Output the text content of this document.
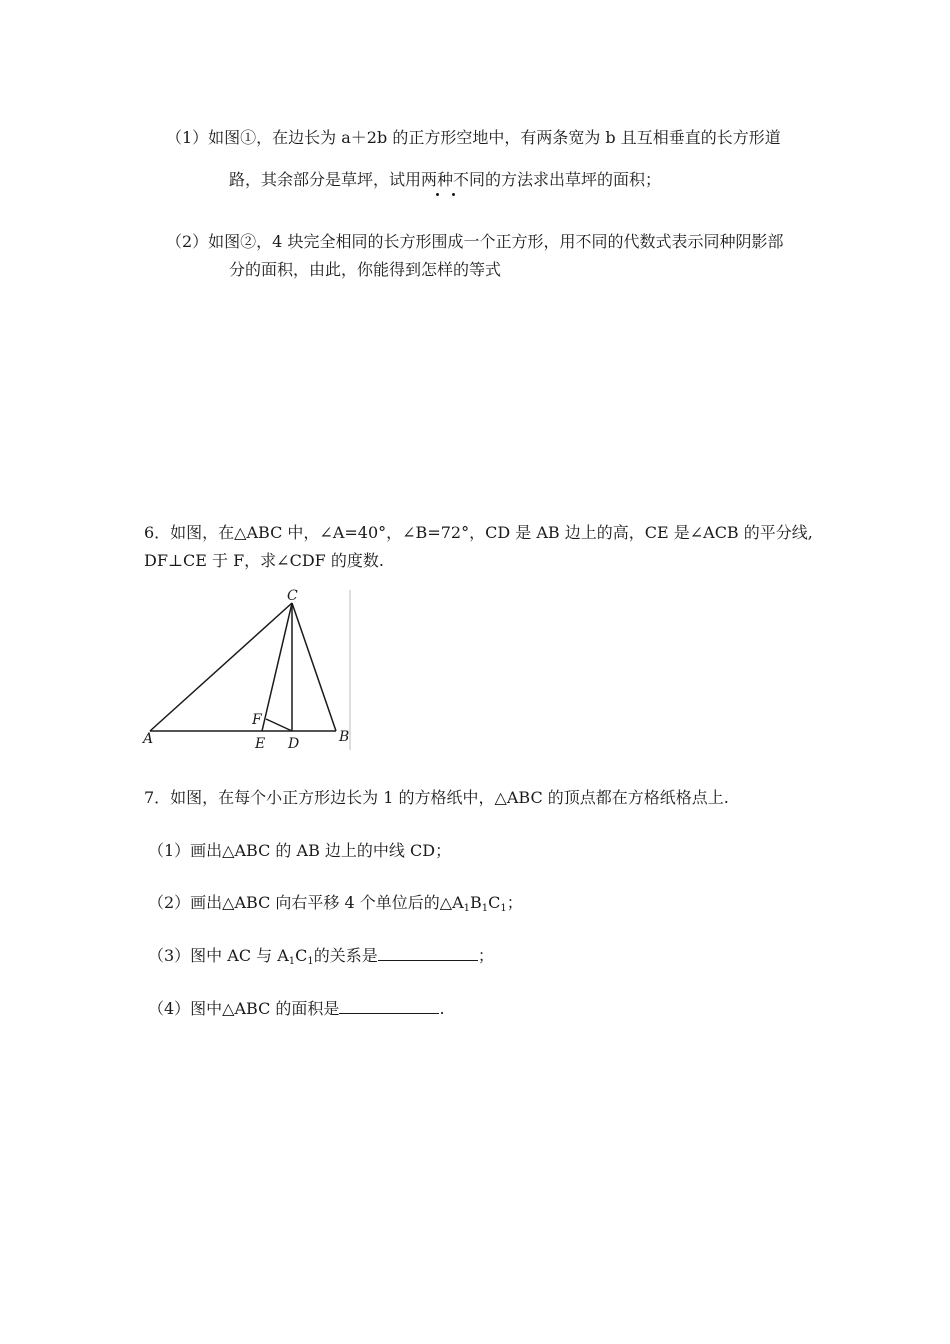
（1）如图①，在边长为 a＋2b 的正方形空地中，有两条宽为 b 且互相垂直的长方形道
路，其余部分是草坪，试用两种不同的方法求出草坪的面积；
（2）如图②，4 块完全相同的长方形围成一个正方形，用不同的代数式表示同种阴影部
分的面积，由此，你能得到怎样的等式
6．如图，在△ABC 中，∠A=40°，∠B=72°，CD 是 AB 边上的高，CE 是∠ACB 的平分线,
DF⊥CE 于 F，求∠CDF 的度数.
C
A
F
E D	B
7．如图，在每个小正方形边长为 1 的方格纸中，△ABC 的顶点都在方格纸格点上.
（1）画出△ABC 的 AB 边上的中线 CD；
（2）画出△ABC 向右平移 4 个单位后的$\triangle A_1B_1C_1$；
（3）图中 AC 与 $A_1C_1$的关系是	；
（4）图中△ABC 的面积是	.
